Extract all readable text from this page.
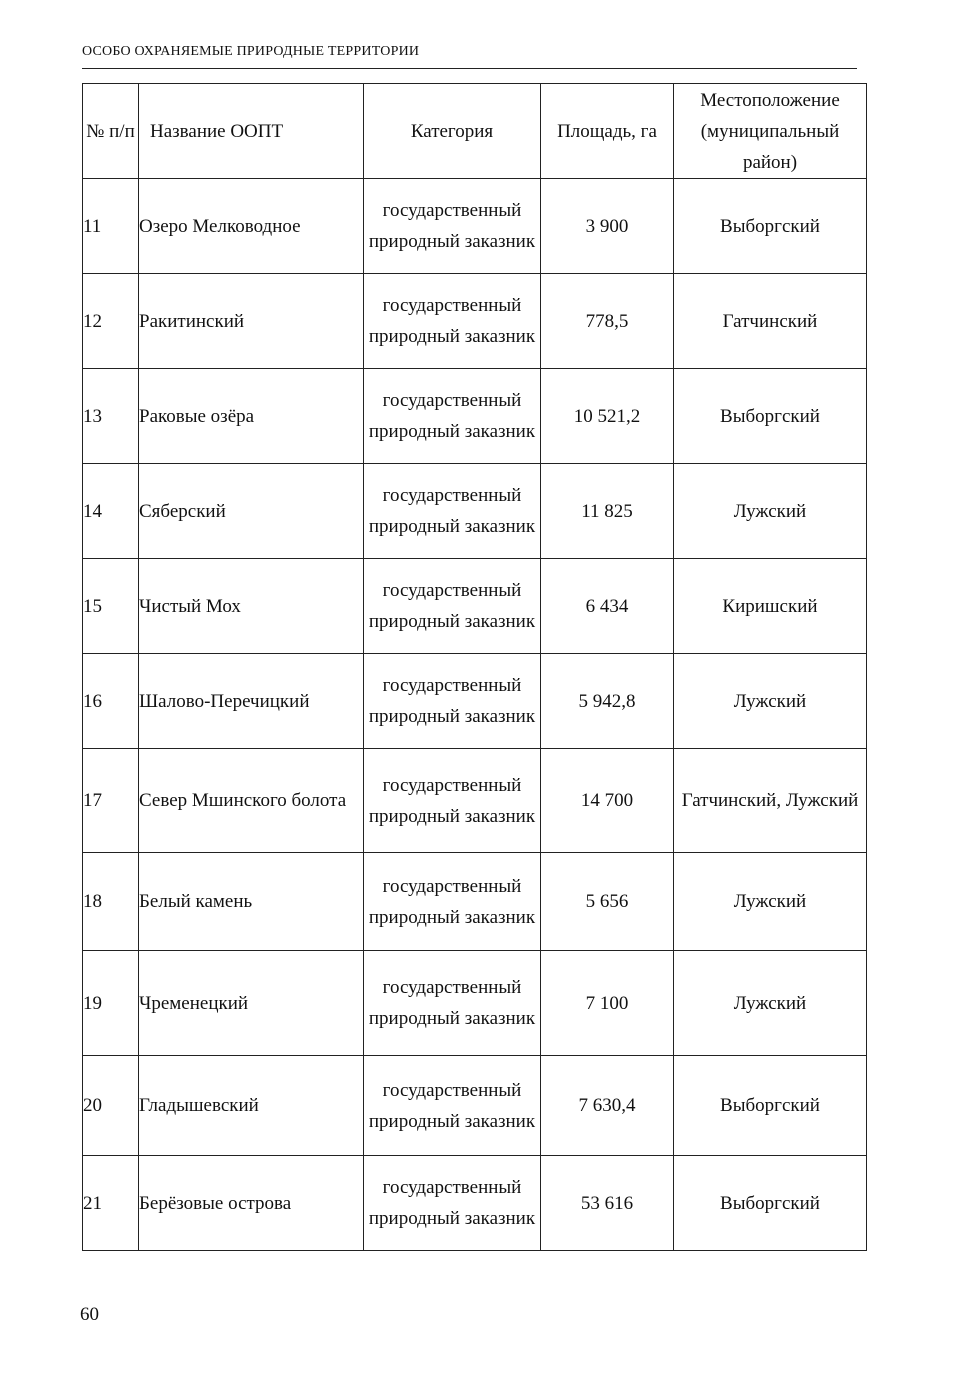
ОСОБО ОХРАНЯЕМЫЕ ПРИРОДНЫЕ ТЕРРИТОРИИ
№ п/п	Название ООПТ	Категория	Площадь, га	Местоположение (муниципальный район)
11	Озеро Мелководное	государственный природный заказник	3 900	Выборгский
12	Ракитинский	государственный природный заказник	778,5	Гатчинский
13	Раковые озёра	государственный природный заказник	10 521,2	Выборгский
14	Сяберский	государственный природный заказник	11 825	Лужский
15	Чистый Мох	государственный природный заказник	6 434	Киришский
16	Шалово-Перечицкий	государственный природный заказник	5 942,8	Лужский
17	Север Мшинского болота	государственный природный заказник	14 700	Гатчинский, Лужский
18	Белый камень	государственный природный заказник	5 656	Лужский
19	Чременецкий	государственный природный заказник	7 100	Лужский
20	Гладышевский	государственный природный заказник	7 630,4	Выборгский
21	Берёзовые острова	государственный природный заказник	53 616	Выборгский
60
